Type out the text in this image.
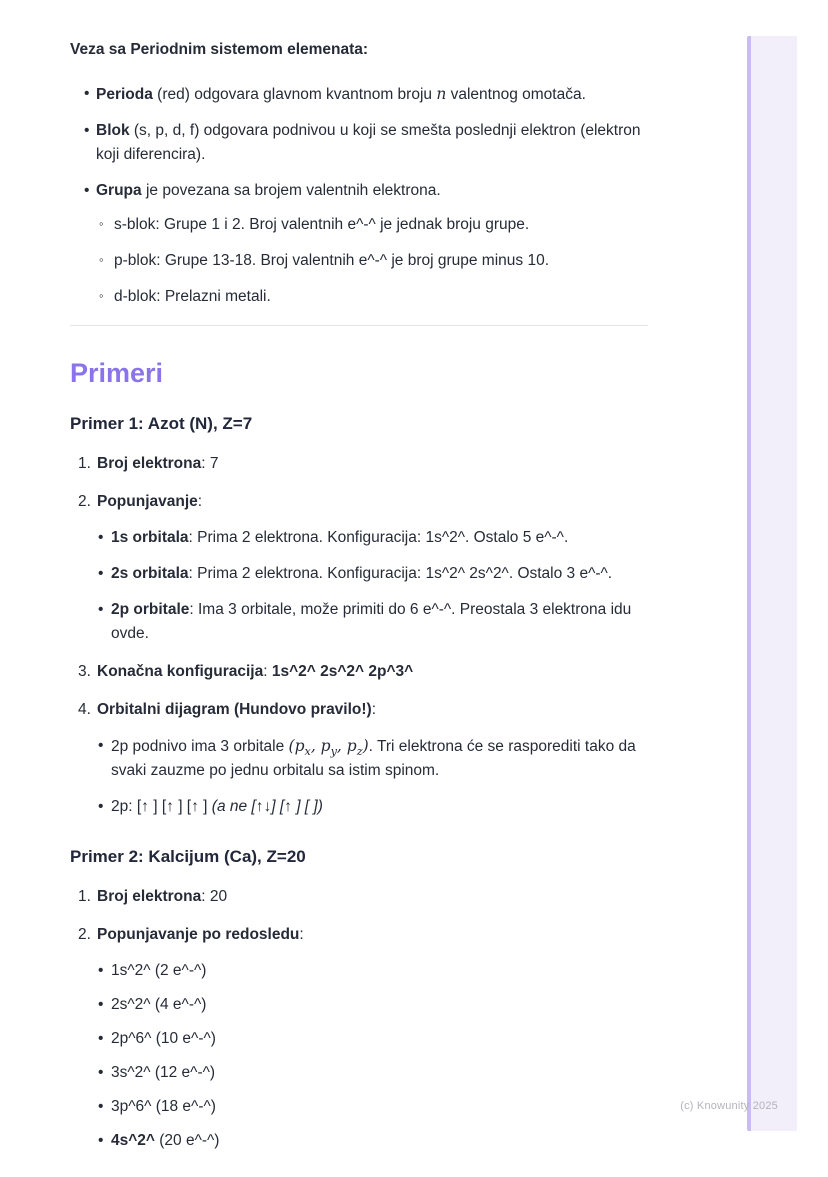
(c) Knowunity 2025

Veza sa Periodnim sistemom elemenata:

• Perioda (red) odgovara glavnom kvantnom broju n valentnog omotača.
• Blok (s, p, d, f) odgovara podnivou u koji se smešta poslednji elektron (elektron koji diferencira).
• Grupa je povezana sa brojem valentnih elektrona.
◦ s-blok: Grupe 1 i 2. Broj valentnih e^-^ je jednak broju grupe.
◦ p-blok: Grupe 13-18. Broj valentnih e^-^ je broj grupe minus 10.
◦ d-blok: Prelazni metali.
Primeri
Primer 1: Azot (N), Z=7
1. Broj elektrona: 7
2. Popunjavanje:
• 1s orbitala: Prima 2 elektrona. Konfiguracija: 1s^2^. Ostalo 5 e^-^.
• 2s orbitala: Prima 2 elektrona. Konfiguracija: 1s^2^ 2s^2^. Ostalo 3 e^-^.
• 2p orbitale: Ima 3 orbitale, može primiti do 6 e^-^. Preostala 3 elektrona idu ovde.
3. Konačna konfiguracija: 1s^2^ 2s^2^ 2p^3^
4. Orbitalni dijagram (Hundovo pravilo!):
• 2p podnivo ima 3 orbitale ($p_x$, $p_y$, $p_z$). Tri elektrona će se rasporediti tako da svaki zauzme po jednu orbitalu sa istim spinom.
• 2p: [↑ ] [↑ ] [↑ ] (a ne [↑↓] [↑ ] [ ])
Primer 2: Kalcijum (Ca), Z=20
1. Broj elektrona: 20
2. Popunjavanje po redosledu:
• 1s^2^ (2 e^-^)
• 2s^2^ (4 e^-^)
• 2p^6^ (10 e^-^)
• 3s^2^ (12 e^-^)
• 3p^6^ (18 e^-^)
• 4s^2^ (20 e^-^)
